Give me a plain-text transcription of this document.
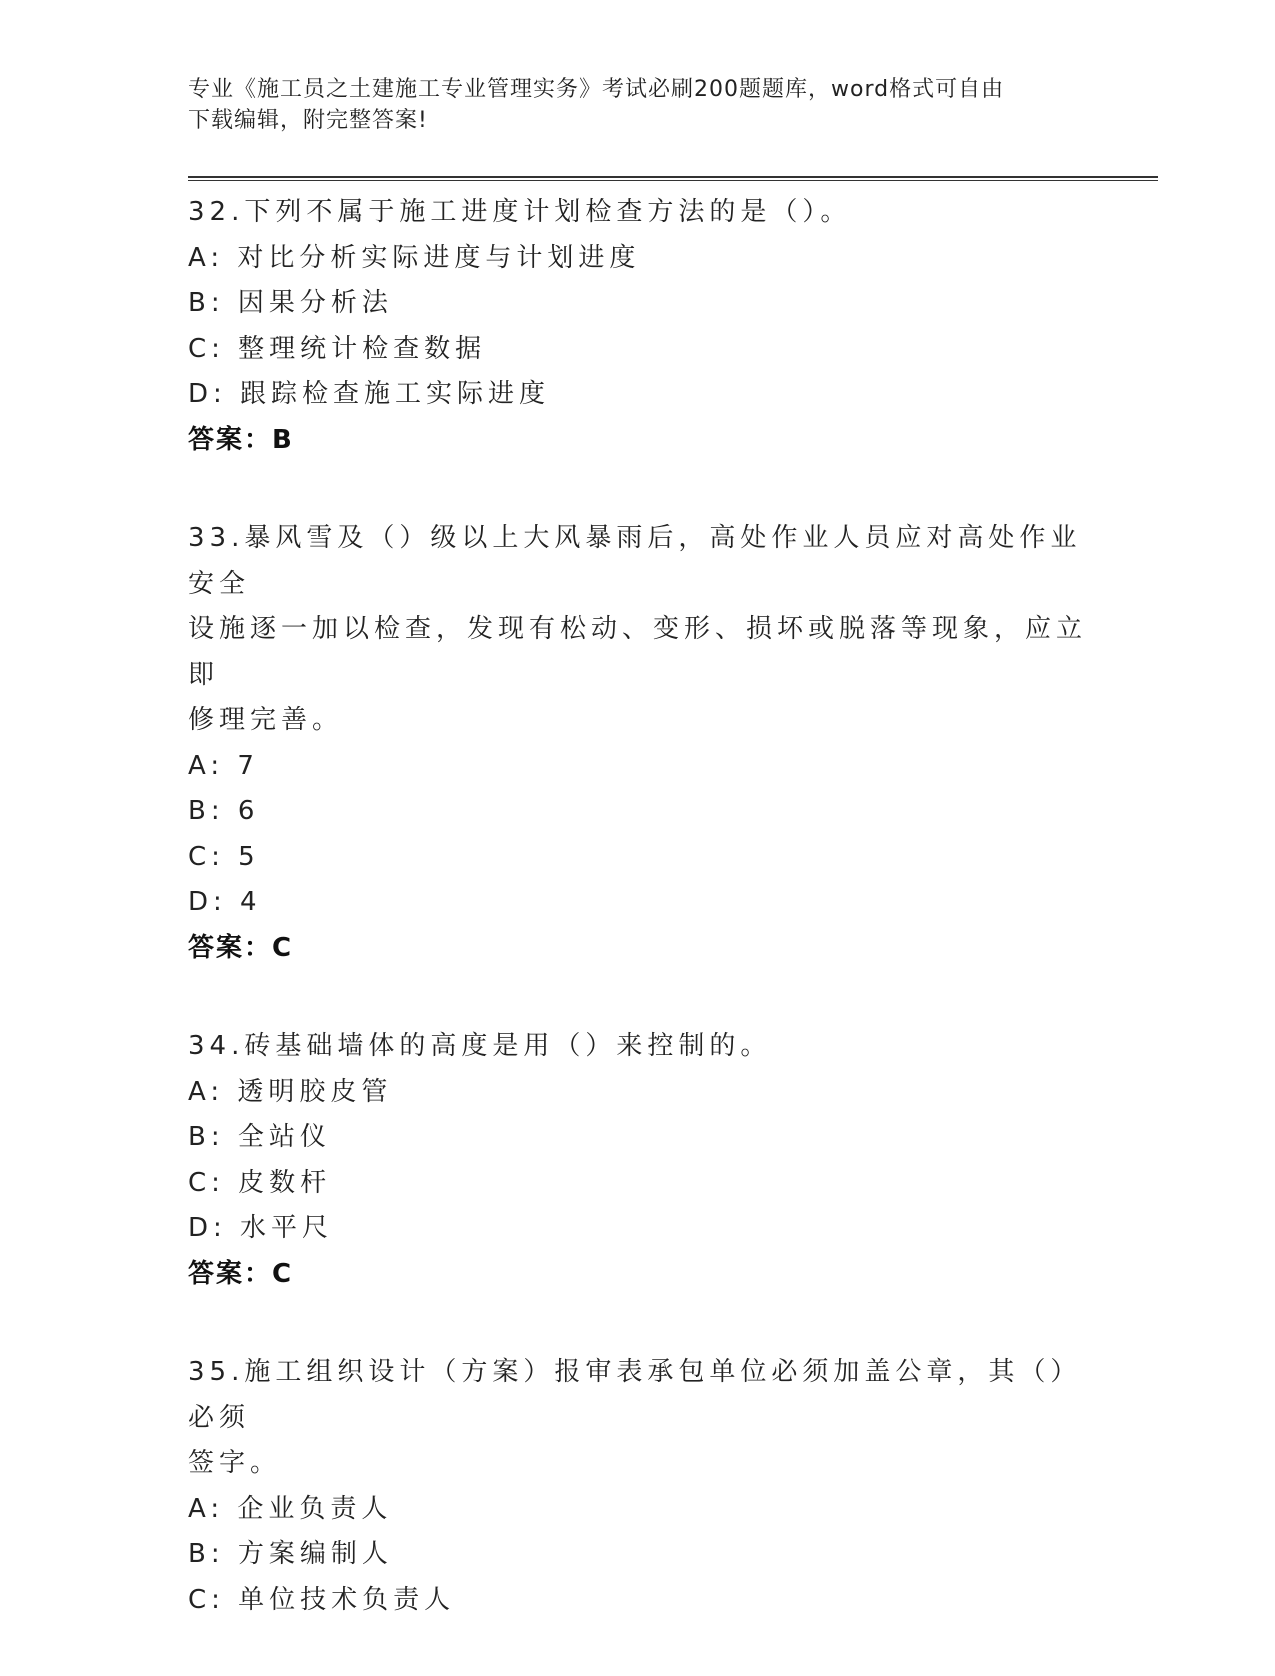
专业《施工员之土建施工专业管理实务》考试必刷200题题库，word格式可自由
下载编辑，附完整答案!
32.下列不属于施工进度计划检查方法的是（）。
A: 对比分析实际进度与计划进度
B: 因果分析法
C: 整理统计检查数据
D: 跟踪检查施工实际进度
答案：B
33.暴风雪及（）级以上大风暴雨后，高处作业人员应对高处作业安全
设施逐一加以检查，发现有松动、变形、损坏或脱落等现象，应立即
修理完善。
A: 7
B: 6
C: 5
D: 4
答案：C
34.砖基础墙体的高度是用（）来控制的。
A: 透明胶皮管
B: 全站仪
C: 皮数杆
D: 水平尺
答案：C
35.施工组织设计（方案）报审表承包单位必须加盖公章，其（）必须
签字。
A: 企业负责人
B: 方案编制人
C: 单位技术负责人
